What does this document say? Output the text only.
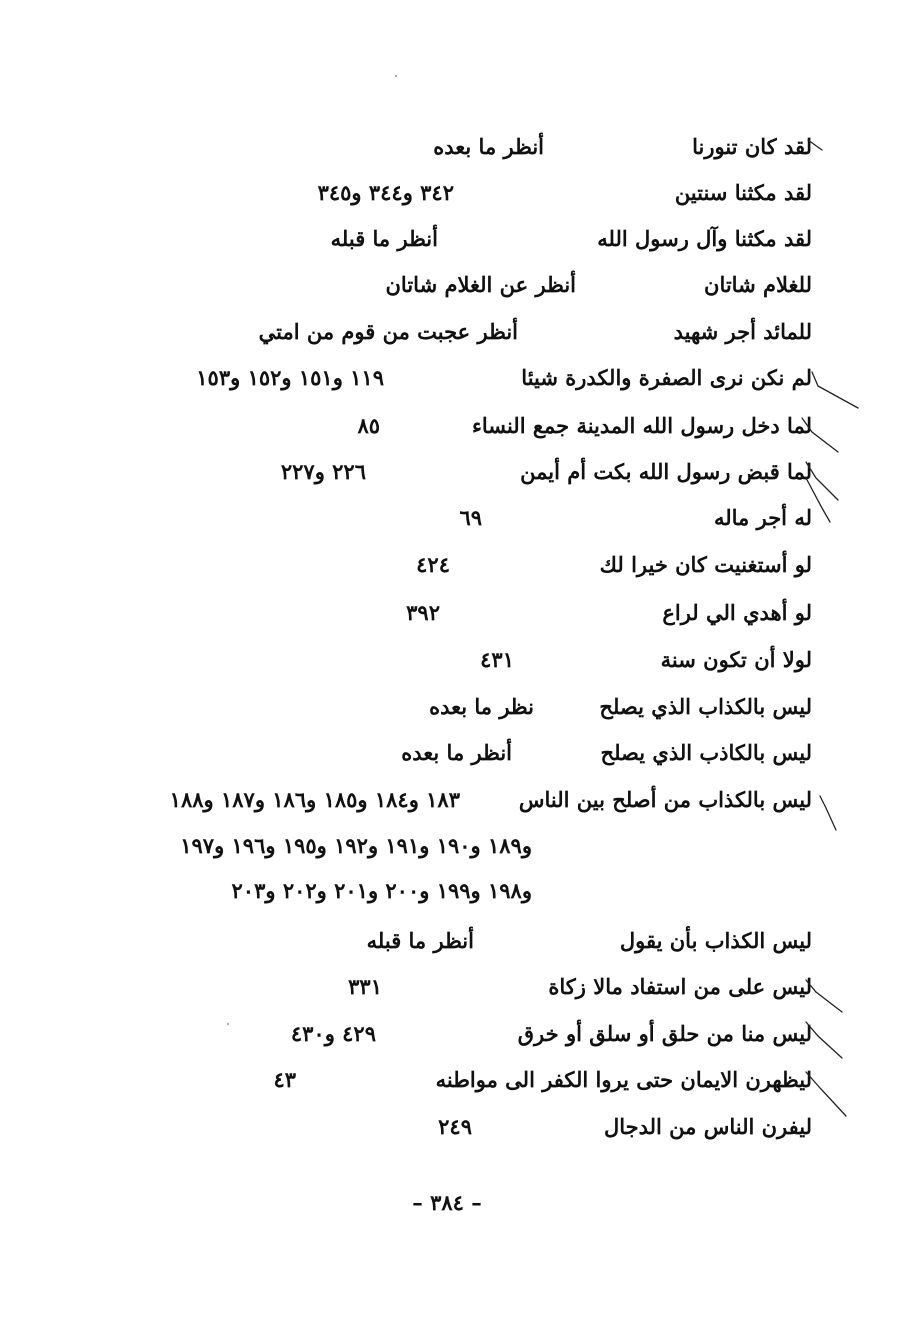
لقد كان تنورنا
أنظر ما بعده
لقد مكثنا سنتين
٣٤٢ و٣٤٤ و٣٤٥
لقد مكثنا وآل رسول الله
أنظر ما قبله
للغلام شاتان
أنظر عن الغلام شاتان
للمائد أجر شهيد
أنظر عجبت من قوم من امتي
لم نكن نرى الصفرة والكدرة شيئا
١١٩ و١٥١ و١٥٢ و١٥٣
لما دخل رسول الله المدينة جمع النساء
٨٥
لما قبض رسول الله بكت أم أيمن
٢٢٦ و٢٢٧
له أجر ماله
٦٩
لو أستغنيت كان خيرا لك
٤٢٤
لو أهدي الي لراع
٣٩٢
لولا أن تكون سنة
٤٣١
ليس بالكذاب الذي يصلح
نظر ما بعده
ليس بالكاذب الذي يصلح
أنظر ما بعده
ليس بالكذاب من أصلح بين الناس
١٨٣ و١٨٤ و١٨٥ و١٨٦ و١٨٧ و١٨٨
و١٨٩ و١٩٠ و١٩١ و١٩٢ و١٩٥ و١٩٦ و١٩٧
و١٩٨ و١٩٩ و٢٠٠ و٢٠١ و٢٠٢ و٢٠٣
ليس الكذاب بأن يقول
أنظر ما قبله
ليس على من استفاد مالا زكاة
٣٣١
ليس منا من حلق أو سلق أو خرق
٤٢٩ و٤٣٠
ليظهرن الايمان حتى يروا الكفر الى مواطنه
٤٣
ليفرن الناس من الدجال
٢٤٩
– ٣٨٤ –
